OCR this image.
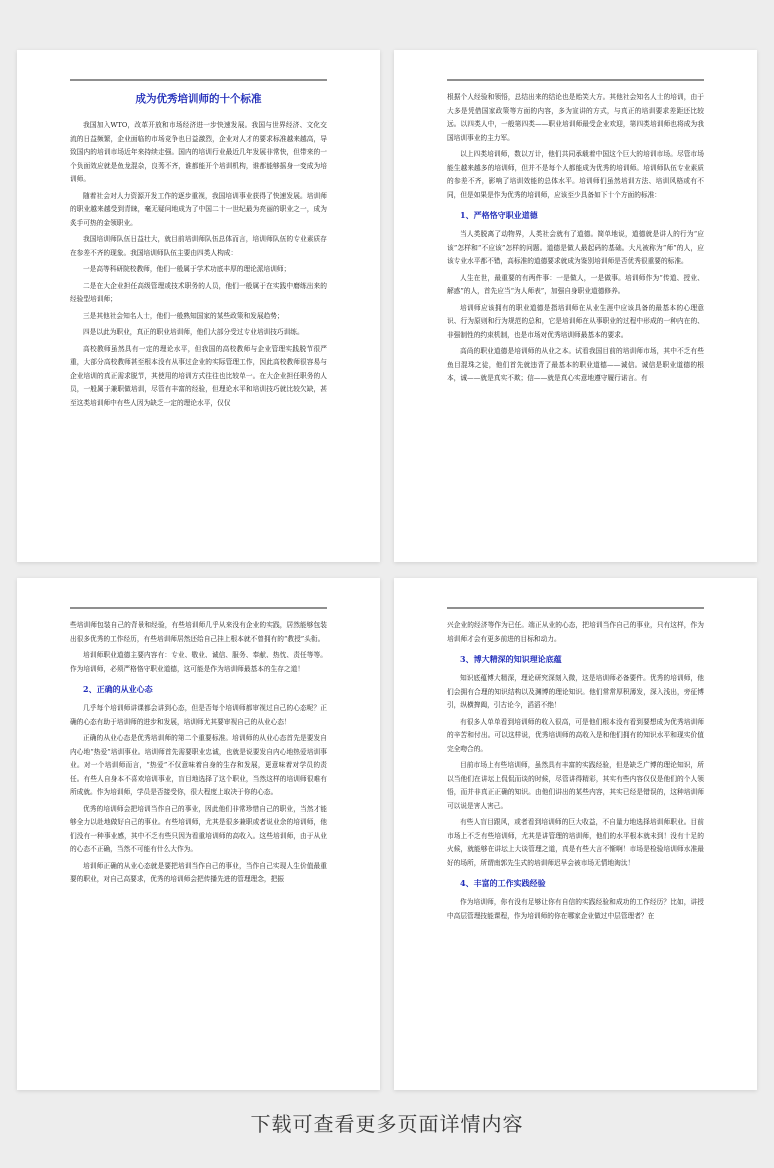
成为优秀培训师的十个标准

我国加入WTO，改革开放和市场经济进一步快速发展。我国与世界经济、文化交流的日益频繁，企业面临的市场竞争也日益激烈，企业对人才的要求标准越来越高，导致国内的培训市场近年来持续走强。国内的培训行业最近几年发展非常快，但带来的一个负面效应就是鱼龙混杂，良莠不齐，谁都能开个培训机构，谁都能够摇身一变成为培训师。

随着社会对人力资源开发工作的逐步重视，我国培训事业获得了快速发展。培训师的职业越来越受到青睐，毫无疑问地成为了中国二十一世纪最为亮丽的职业之一，成为炙手可热的金领职业。

我国培训师队伍日益壮大，就目前培训师队伍总体而言，培训师队伍的专业素质存在参差不齐的现象。我国培训师队伍主要由四类人构成：

一是高等科研院校教师，他们一般属于学术功底丰厚的理论派培训师；

二是在大企业担任高级管理或技术职务的人员，他们一般属于在实践中磨练出来的经验型培训师；

三是其他社会知名人士，他们一般熟知国家的某些政策和发展趋势；

四是以此为职业，真正的职业培训师，他们大部分受过专业培训技巧训练。

高校教师虽然具有一定的理论水平，但我国的高校教师与企业管理实践脱节很严重，大部分高校教师甚至根本没有从事过企业的实际管理工作，因此高校教师很容易与企业培训的真正需求脱节，其使用的培训方式往往也比较单一。在大企业担任职务的人员，一般属于兼职做培训，尽管有丰富的经验，但理论水平和培训技巧就比较欠缺，甚至这类培训师中有些人因为缺乏一定的理论水平，仅仅

根据个人经验和领悟，总结出来的结论也是贻笑大方。其他社会知名人士的培训，由于大多是凭借国家政策等方面的内容，多为宣讲的方式，与真正的培训要求差距还比较远。以四类人中，一般第四类——职业培训师最受企业欢迎，第四类培训师也将成为我国培训事业的主力军。

以上四类培训师，数以万计，他们共同承载着中国这个巨大的培训市场。尽管市场能生越来越多的培训师，但并不是每个人都能成为优秀的培训师。培训师队伍专业素质的参差不齐，影响了培训效能的总体水平。培训师们虽然培训方法、培训风格或有不同，但是如果是作为优秀的培训师，应该至少具备如下十个方面的标准：

1、严格恪守职业道德

当人类脱离了动物界，人类社会就有了道德。简单地说，道德就是讲人的行为“应该”怎样和“不应该”怎样的问题。道德是做人最起码的基础。大凡被称为“师”的人，应该专业水平都不错，高标准的道德要求就成为鉴别培训师是否优秀很重要的标准。

人生在世，最重要的有两件事：一是做人，一是做事。培训师作为“传道、授业、解惑”的人，首先应当“为人师表”，加强自身职业道德修养。

培训师应该拥有的职业道德是指培训师在从业生涯中应该具备的最基本的心理意识、行为原则和行为规范的总和，它是培训师在从事职业的过程中形成的一种内在的、非强制性的约束机制，也是市场对优秀培训师最基本的要求。

高尚的职业道德是培训师的从业之本。试看我国目前的培训师市场，其中不乏有些鱼目混珠之徒，他们首先就违背了最基本的职业道德——诚信。诚信是职业道德的根本，诚——就是真实不欺；信——就是真心实意地遵守履行诺言。有

些培训师包装自己的背景和经验，有些培训师几乎从来没有企业的实践，居然能够包装出很多优秀的工作经历，有些培训师居然还给自己挂上根本就不曾拥有的“教授”头衔。

培训师职业道德主要内容有：专业、敬业、诚信、服务、奉献、热忱、责任等等。作为培训师，必须严格恪守职业道德，这可能是作为培训师最基本的生存之道！

2、正确的从业心态

几乎每个培训师讲课都会讲到心态，但是否每个培训师都审视过自己的心态呢？正确的心态有助于培训师的进步和发展，培训师尤其要审视自己的从业心态！

正确的从业心态是优秀培训师的第二个重要标准。培训师的从业心态首先是要发自内心地“热爱”培训事业。培训师首先需要职业忠诚，也就是说要发自内心地热爱培训事业。对一个培训师而言，“热爱”不仅意味着自身的生存和发展，更意味着对学员的责任。有些人自身本不喜欢培训事业，盲目地选择了这个职业，当然这样的培训师很难有所成就。作为培训师，学员是否接受你，很大程度上取决于你的心态。

优秀的培训师会把培训当作自己的事业，因此他们非常珍惜自己的职业，当然才能够全力以赴地做好自己的事业。有些培训师，尤其是很多兼职或者说业余的培训师，他们没有一种事业感，其中不乏有些只因为看重培训师的高收入。这些培训师，由于从业的心态不正确，当然不可能有什么大作为。

培训师正确的从业心态就是要把培训当作自己的事业，当作自己实现人生价值最重要的职业，对自己高要求，优秀的培训师会把传播先进的管理理念，把振

兴企业的经济等作为已任。端正从业的心态，把培训当作自己的事业，只有这样，作为培训师才会有更多前进的目标和动力。

3、博大精深的知识理论底蕴

知识底蕴博大精深，理论研究深刻入微，这是培训师必备要件。优秀的培训师，他们会拥有合理的知识结构以及渊博的理论知识。他们常常厚积薄发，深入浅出，旁征博引，纵横捭阖，引古论今，滔滔不绝！

有很多人单单看到培训师的收入很高，可是他们根本没有看到要想成为优秀培训师的辛苦和付出。可以这样说，优秀培训师的高收入是和他们拥有的知识水平和现实价值完全吻合的。

目前市场上有些培训师，虽然具有丰富的实践经验，但是缺乏广博的理论知识，所以当他们在讲坛上侃侃而谈的时候，尽管讲得精彩，其实有些内容仅仅是他们的个人领悟，而并非真正正确的知识。由他们讲出的某些内容，其实已经是错误的，这种培训师可以说是害人害己。

有些人盲目跟风，或者看到培训师的巨大收益，不自量力地选择培训师职业。目前市场上不乏有些培训师，尤其是讲管理的培训师，他们的水平根本就未到！没有十足的火候，就能够在讲坛上大谈管理之道，真是有些大言不惭啊！市场是检验培训师水准最好的场所，所谓南郭先生式的培训师迟早会被市场无情地淘汰！

4、丰富的工作实践经验

作为培训师，你有没有足够让你有自信的实践经验和成功的工作经历？比如，讲授中高层管理技能课程，作为培训师的你在哪家企业做过中层管理者？在

下载可查看更多页面详情内容
